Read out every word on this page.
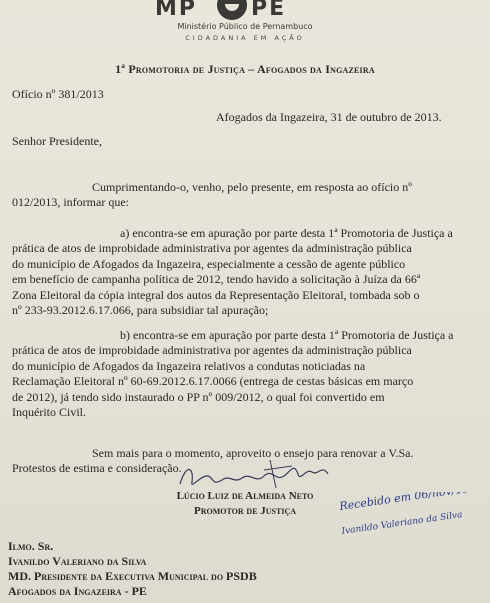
MP PE
Ministério Público de Pernambuco
CIDADANIA EM AÇÃO
1ª Promotoria de Justiça – Afogados da Ingazeira
Ofício nº 381/2013
Afogados da Ingazeira, 31 de outubro de 2013.
Senhor Presidente,
Cumprimentando-o, venho, pelo presente, em resposta ao ofício nº
012/2013, informar que:
a) encontra-se em apuração por parte desta 1ª Promotoria de Justiça a
prática de atos de improbidade administrativa por agentes da administração pública
do município de Afogados da Ingazeira, especialmente a cessão de agente público
em benefício de campanha política de 2012, tendo havido a solicitação à Juíza da 66ª
Zona Eleitoral da cópia integral dos autos da Representação Eleitoral, tombada sob o
nº 233-93.2012.6.17.066, para subsidiar tal apuração;
b) encontra-se em apuração por parte desta 1ª Promotoria de Justiça a
prática de atos de improbidade administrativa por agentes da administração pública
do município de Afogados da Ingazeira relativos a condutas noticiadas na
Reclamação Eleitoral nº 60-69.2012.6.17.0066 (entrega de cestas básicas em março
de 2012), já tendo sido instaurado o PP nº 009/2012, o qual foi convertido em
Inquérito Civil.
Sem mais para o momento, aproveito o ensejo para renovar a V.Sa.
Protestos de estima e consideração.
Lúcio Luiz de Almeida Neto
Promotor de Justiça	Recebido em 06/nov/13
Ivanildo Valeriano da Silva
Ilmo. Sr.
Ivanildo Valeriano da Silva
MD. Presidente da Executiva Municipal do PSDB
Afogados da Ingazeira - PE
